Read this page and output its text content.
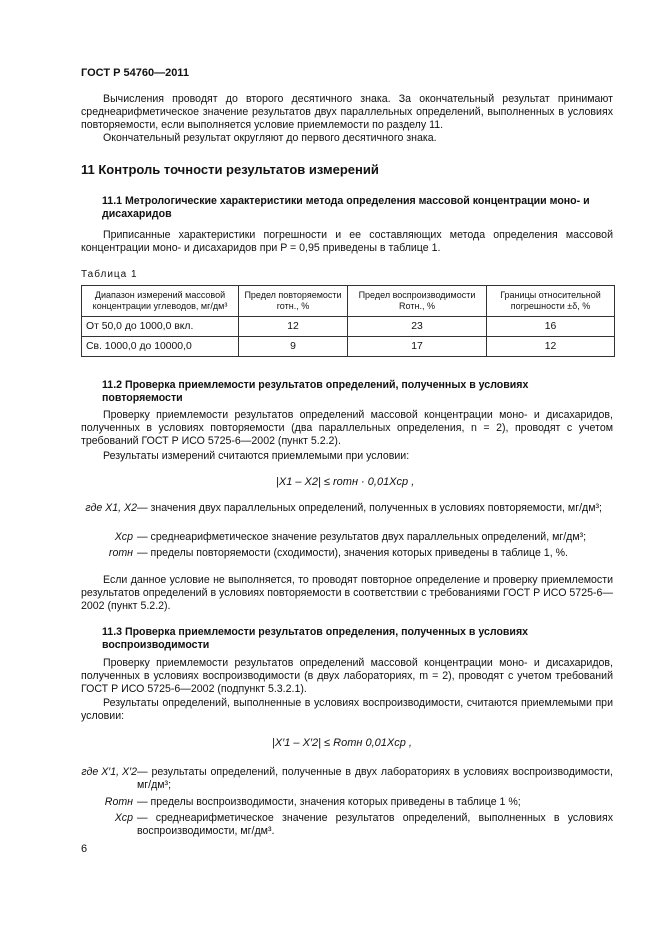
ГОСТ Р 54760—2011
Вычисления проводят до второго десятичного знака. За окончательный результат принимают среднеарифметическое значение результатов двух параллельных определений, выполненных в условиях повторяемости, если выполняется условие приемлемости по разделу 11.
Окончательный результат округляют до первого десятичного знака.
11 Контроль точности результатов измерений
11.1 Метрологические характеристики метода определения массовой концентрации моно- и дисахаридов
Приписанные характеристики погрешности и ее составляющих метода определения массовой концентрации моно- и дисахаридов при P = 0,95 приведены в таблице 1.
Таблица 1
Диапазон измерений массовой концентрации углеводов, мг/дм³	Предел повторяемости rотн., %	Предел воспроизводимости Rотн., %	Границы относительной погрешности ±δ, %
От 50,0 до 1000,0 вкл.	12	23	16
Св. 1000,0 до 10000,0	9	17	12
11.2 Проверка приемлемости результатов определений, полученных в условиях повторяемости
Проверку приемлемости результатов определений массовой концентрации моно- и дисахаридов, полученных в условиях повторяемости (два параллельных определения, n = 2), проводят с учетом требований ГОСТ Р ИСО 5725-6—2002 (пункт 5.2.2).
Результаты измерений считаются приемлемыми при условии:
|X1 – X2| ≤ rотн · 0,01Xср ,
где X1, X2 — значения двух параллельных определений, полученных в условиях повторяемости, мг/дм³;
Xср — среднеарифметическое значение результатов двух параллельных определений, мг/дм³;
rотн — пределы повторяемости (сходимости), значения которых приведены в таблице 1, %.
Если данное условие не выполняется, то проводят повторное определение и проверку приемлемости результатов определений в условиях повторяемости в соответствии с требованиями ГОСТ Р ИСО 5725-6—2002 (пункт 5.2.2).
11.3 Проверка приемлемости результатов определения, полученных в условиях воспроизводимости
Проверку приемлемости результатов определений массовой концентрации моно- и дисахаридов, полученных в условиях воспроизводимости (в двух лабораториях, m = 2), проводят с учетом требований ГОСТ Р ИСО 5725-6—2002 (подпункт 5.3.2.1).
Результаты определений, выполненные в условиях воспроизводимости, считаются приемлемыми при условии:
|X′1 – X′2| ≤ Rотн 0,01Xср ,
где X′1, X′2 — результаты определений, полученные в двух лабораториях в условиях воспроизводимости, мг/дм³;
Rотн — пределы воспроизводимости, значения которых приведены в таблице 1 %;
Xср — среднеарифметическое значение результатов определений, выполненных в условиях воспроизводимости, мг/дм³.
6
